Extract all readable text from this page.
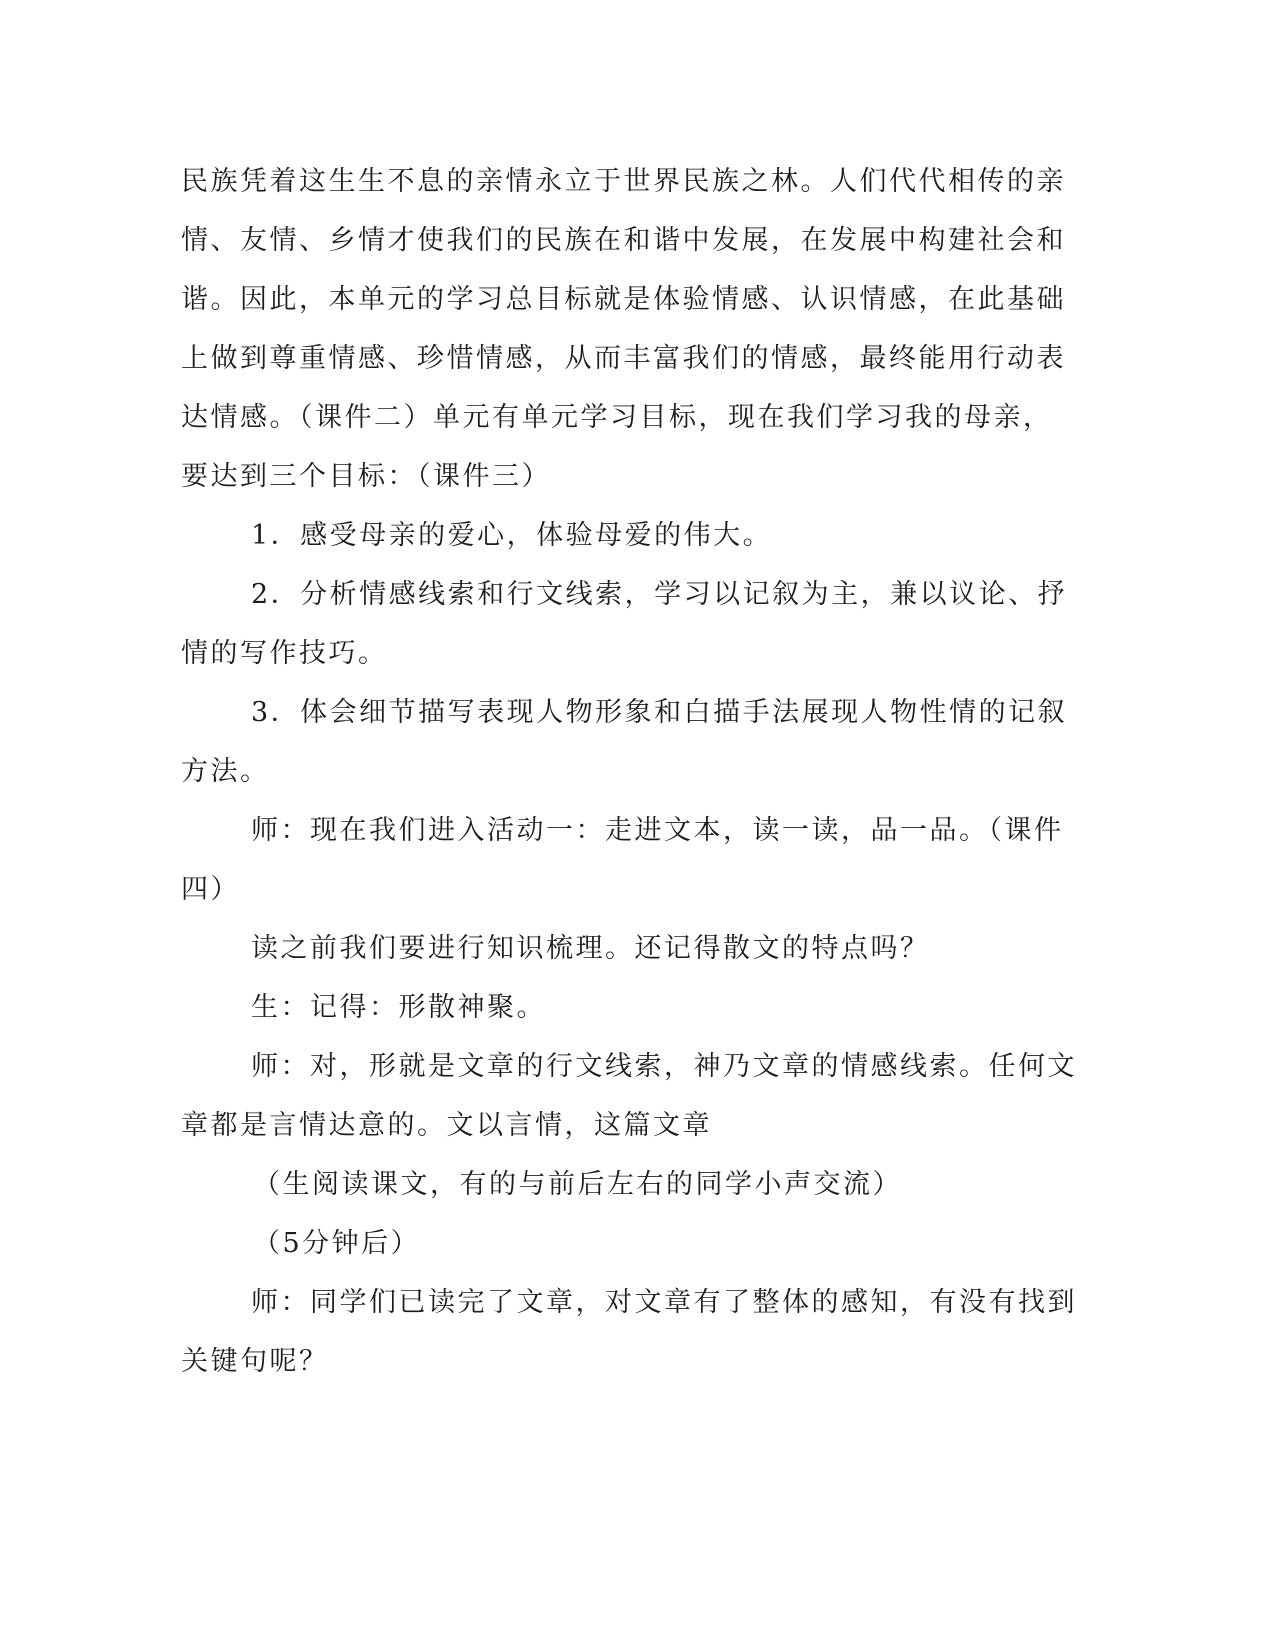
民族凭着这生生不息的亲情永立于世界民族之林。人们代代相传的亲
情、友情、乡情才使我们的民族在和谐中发展，在发展中构建社会和
谐。因此，本单元的学习总目标就是体验情感、认识情感，在此基础
上做到尊重情感、珍惜情感，从而丰富我们的情感，最终能用行动表
达情感。（课件二）单元有单元学习目标，现在我们学习我的母亲，
要达到三个目标：（课件三）
1．感受母亲的爱心，体验母爱的伟大。
2．分析情感线索和行文线索，学习以记叙为主，兼以议论、抒
情的写作技巧。
3．体会细节描写表现人物形象和白描手法展现人物性情的记叙
方法。
师：现在我们进入活动一：走进文本，读一读，品一品。（课件
四）
读之前我们要进行知识梳理。还记得散文的特点吗？
生：记得：形散神聚。
师：对，形就是文章的行文线索，神乃文章的情感线索。任何文
章都是言情达意的。文以言情，这篇文章
（生阅读课文，有的与前后左右的同学小声交流）
（5分钟后）
师：同学们已读完了文章，对文章有了整体的感知，有没有找到
关键句呢？
